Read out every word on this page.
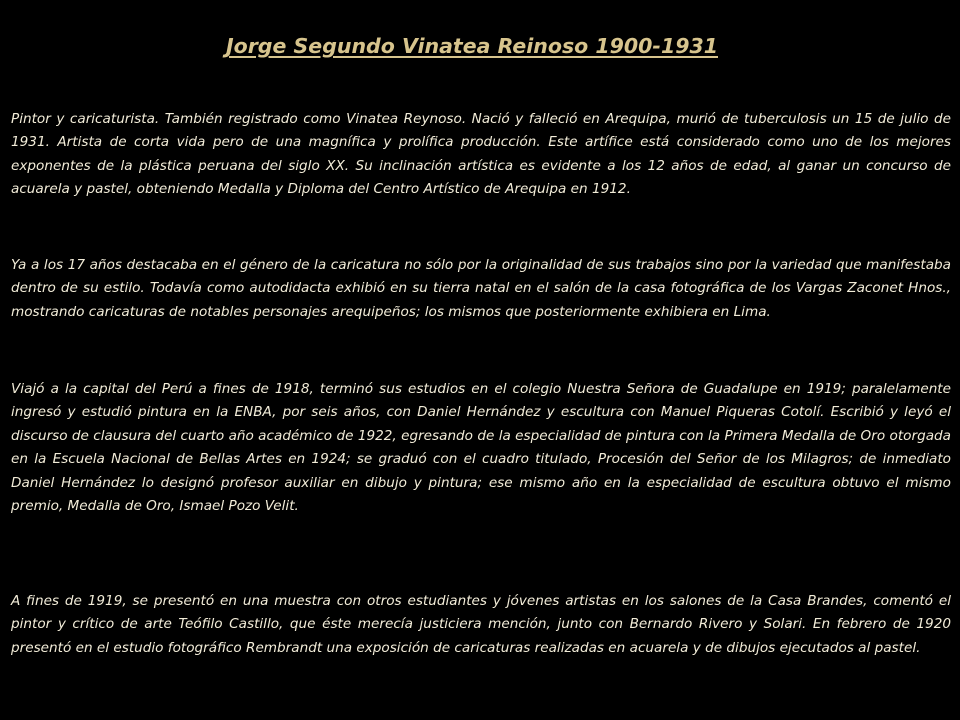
Jorge Segundo Vinatea Reinoso 1900-1931

Pintor y caricaturista. También registrado como Vinatea Reynoso. Nació y falleció en Arequipa, murió de tuberculosis un 15 de julio de 1931. Artista de corta vida pero de una magnífica y prolífica producción. Este artífice está considerado como uno de los mejores exponentes de la plástica peruana del siglo XX. Su inclinación artística es evidente a los 12 años de edad, al ganar un concurso de acuarela y pastel, obteniendo Medalla y Diploma del Centro Artístico de Arequipa en 1912.

Ya a los 17 años destacaba en el género de la caricatura no sólo por la originalidad de sus trabajos sino por la variedad que manifestaba dentro de su estilo. Todavía como autodidacta exhibió en su tierra natal en el salón de la casa fotográfica de los Vargas Zaconet Hnos., mostrando caricaturas de notables personajes arequipeños; los mismos que posteriormente exhibiera en Lima.

Viajó a la capital del Perú a fines de 1918, terminó sus estudios en el colegio Nuestra Señora de Guadalupe en 1919; paralelamente ingresó y estudió pintura en la ENBA, por seis años, con Daniel Hernández y escultura con Manuel Piqueras Cotolí. Escribió y leyó el discurso de clausura del cuarto año académico de 1922, egresando de la especialidad de pintura con la Primera Medalla de Oro otorgada en la Escuela Nacional de Bellas Artes en 1924; se graduó con el cuadro titulado, Procesión del Señor de los Milagros; de inmediato Daniel Hernández lo designó profesor auxiliar en dibujo y pintura; ese mismo año en la especialidad de escultura obtuvo el mismo premio, Medalla de Oro, Ismael Pozo Velit.

A fines de 1919, se presentó en una muestra con otros estudiantes y jóvenes artistas en los salones de la Casa Brandes, comentó el pintor y crítico de arte Teófilo Castillo, que éste merecía justiciera mención, junto con Bernardo Rivero y Solari. En febrero de 1920 presentó en el estudio fotográfico Rembrandt una exposición de caricaturas realizadas en acuarela y de dibujos ejecutados al pastel.
